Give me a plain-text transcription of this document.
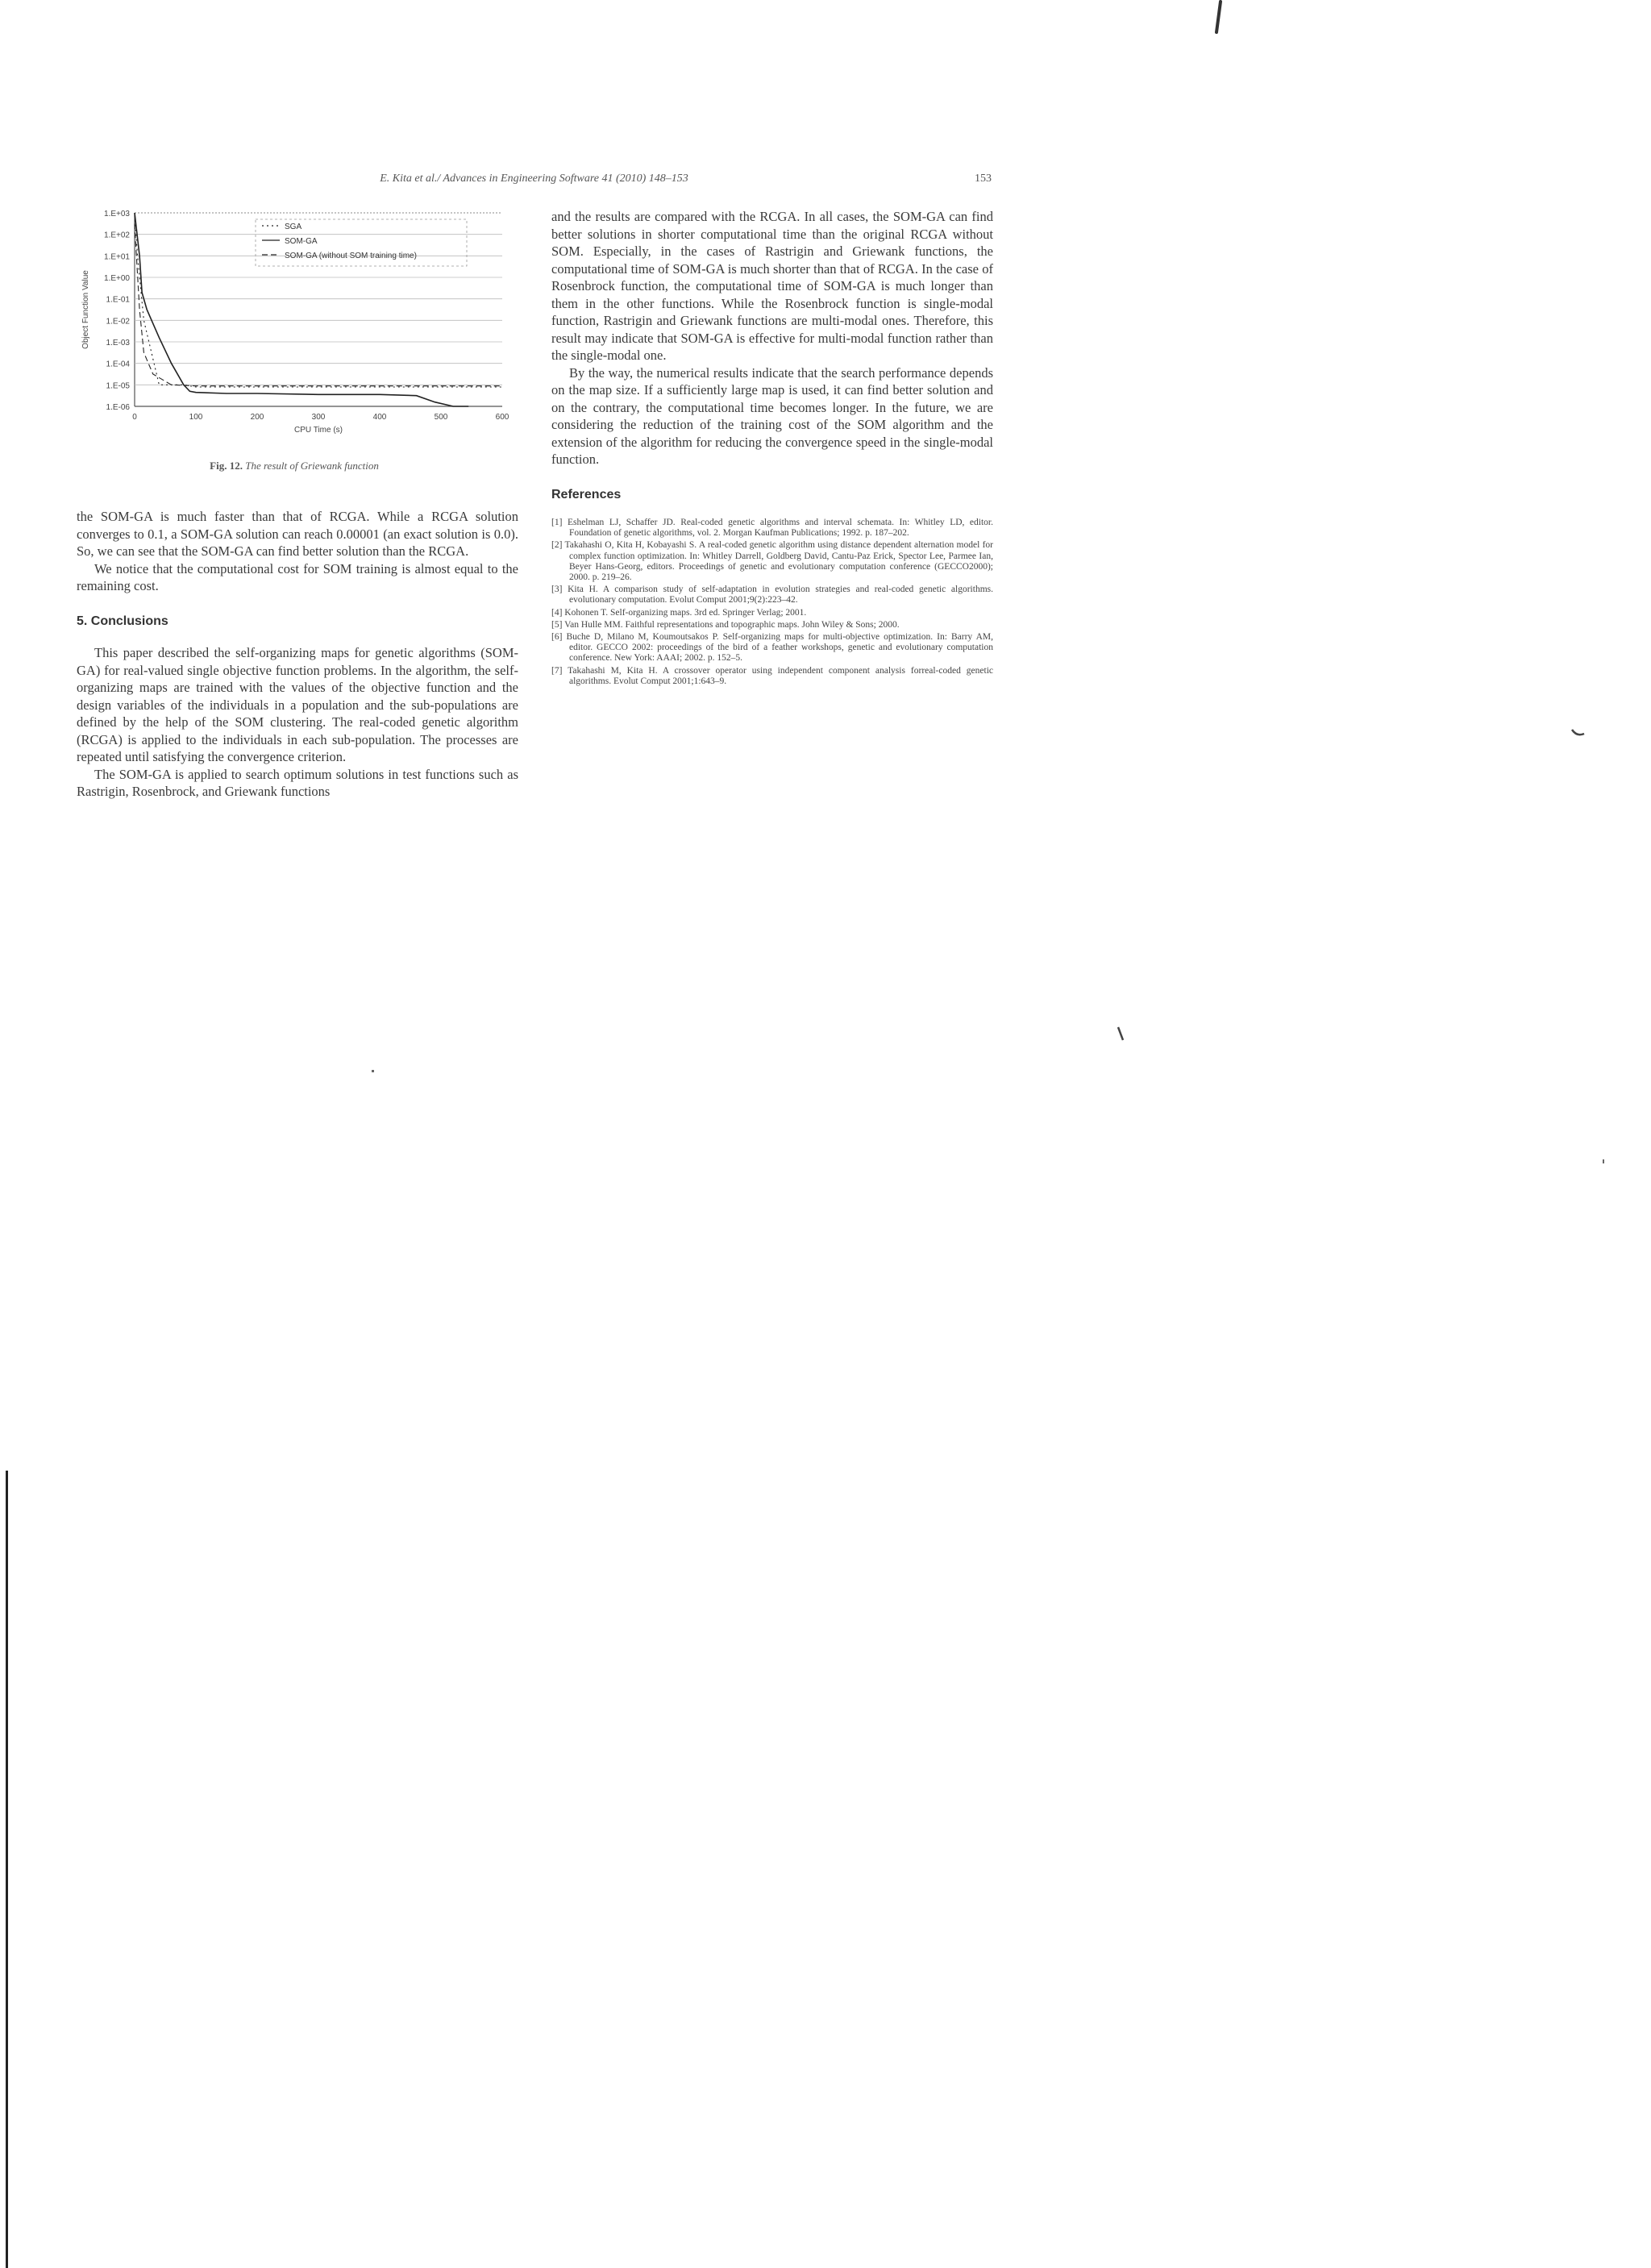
E. Kita et al./ Advances in Engineering Software 41 (2010) 148–153	153
1.E+03
1.E+02
1.E+01
1.E+00
1.E-01
1.E-02
1.E-03
1.E-04
1.E-05
1.E-06
0	100	200	300	400	500	600
CPU Time (s)
Object Function Value
SGA
SOM-GA
SOM-GA (without SOM training time)
Fig. 12. The result of Griewank function

the SOM-GA is much faster than that of RCGA. While a RCGA solution converges to 0.1, a SOM-GA solution can reach 0.00001 (an exact solution is 0.0). So, we can see that the SOM-GA can find better solution than the RCGA.

We notice that the computational cost for SOM training is almost equal to the remaining cost.

5. Conclusions

This paper described the self-organizing maps for genetic algorithms (SOM-GA) for real-valued single objective function problems. In the algorithm, the self-organizing maps are trained with the values of the objective function and the design variables of the individuals in a population and the sub-populations are defined by the help of the SOM clustering. The real-coded genetic algorithm (RCGA) is applied to the individuals in each sub-population. The processes are repeated until satisfying the convergence criterion.

The SOM-GA is applied to search optimum solutions in test functions such as Rastrigin, Rosenbrock, and Griewank functions

and the results are compared with the RCGA. In all cases, the SOM-GA can find better solutions in shorter computational time than the original RCGA without SOM. Especially, in the cases of Rastrigin and Griewank functions, the computational time of SOM-GA is much shorter than that of RCGA. In the case of Rosenbrock function, the computational time of SOM-GA is much longer than them in the other functions. While the Rosenbrock function is single-modal function, Rastrigin and Griewank functions are multi-modal ones. Therefore, this result may indicate that SOM-GA is effective for multi-modal function rather than the single-modal one.

By the way, the numerical results indicate that the search performance depends on the map size. If a sufficiently large map is used, it can find better solution and on the contrary, the computational time becomes longer. In the future, we are considering the reduction of the training cost of the SOM algorithm and the extension of the algorithm for reducing the convergence speed in the single-modal function.

References
[1] Eshelman LJ, Schaffer JD. Real-coded genetic algorithms and interval schemata. In: Whitley LD, editor. Foundation of genetic algorithms, vol. 2. Morgan Kaufman Publications; 1992. p. 187–202.
[2] Takahashi O, Kita H, Kobayashi S. A real-coded genetic algorithm using distance dependent alternation model for complex function optimization. In: Whitley Darrell, Goldberg David, Cantu-Paz Erick, Spector Lee, Parmee Ian, Beyer Hans-Georg, editors. Proceedings of genetic and evolutionary computation conference (GECCO2000); 2000. p. 219–26.
[3] Kita H. A comparison study of self-adaptation in evolution strategies and real-coded genetic algorithms. evolutionary computation. Evolut Comput 2001;9(2):223–42.
[4] Kohonen T. Self-organizing maps. 3rd ed. Springer Verlag; 2001.
[5] Van Hulle MM. Faithful representations and topographic maps. John Wiley & Sons; 2000.
[6] Buche D, Milano M, Koumoutsakos P. Self-organizing maps for multi-objective optimization. In: Barry AM, editor. GECCO 2002: proceedings of the bird of a feather workshops, genetic and evolutionary computation conference. New York: AAAI; 2002. p. 152–5.
[7] Takahashi M, Kita H. A crossover operator using independent component analysis forreal-coded genetic algorithms. Evolut Comput 2001;1:643–9.
